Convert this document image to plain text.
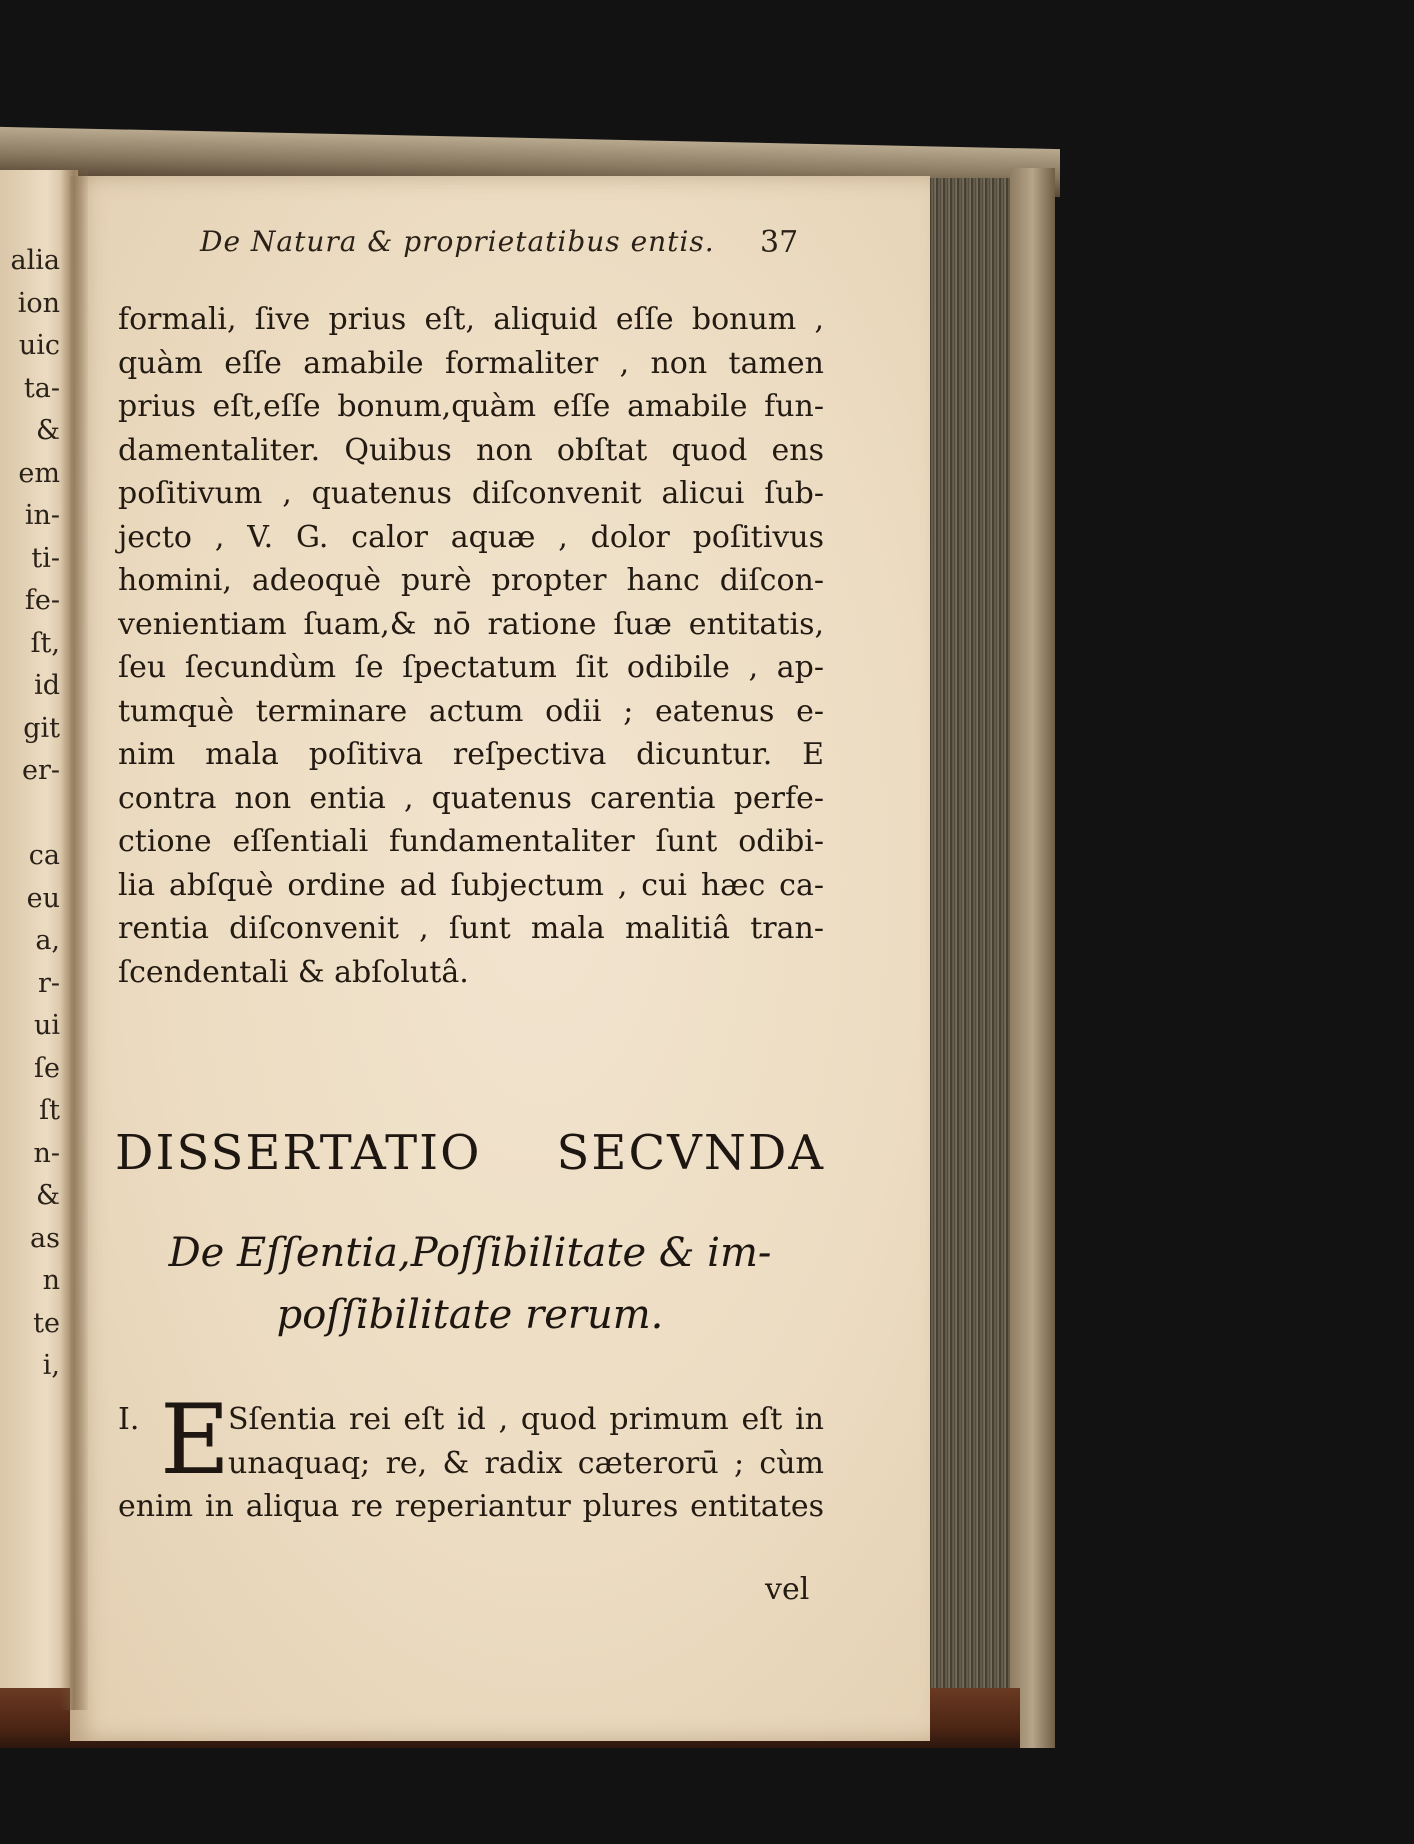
alia
ion
uic
ta-
&
em
in-
ti-
fe-
ſt,
id
git
er-
ca
eu
a,
r-
ui
ſe
ſt
n-
&
as
n
te
i,
De Natura & proprietatibus entis.	37
formali, ſive prius eſt, aliquid eſſe bonum ,
quàm eſſe amabile formaliter , non tamen
prius eſt,eſſe bonum,quàm eſſe amabile fun-
damentaliter. Quibus non obſtat quod ens
poſitivum , quatenus diſconvenit alicui ſub-
jecto , V. G. calor aquæ , dolor poſitivus
homini, adeoquè purè propter hanc diſcon-
venientiam ſuam,& nō ratione ſuæ entitatis,
ſeu ſecundùm ſe ſpectatum ſit odibile , ap-
tumquè terminare actum odii ; eatenus e-
nim mala poſitiva reſpectiva dicuntur. E
contra non entia , quatenus carentia perfe-
ctione eſſentiali fundamentaliter ſunt odibi-
lia abſquè ordine ad ſubjectum , cui hæc ca-
rentia diſconvenit , ſunt mala malitiâ tran-
ſcendentali & abſolutâ.
DISSERTATIO SECVNDA
De Eſſentia,Poſſibilitate & im-
poſſibilitate rerum.
I. E
Sſentia rei eſt id , quod primum eſt in
unaquaq; re, & radix cæterorū ; cùm
enim in aliqua re reperiantur plures entitates
vel
